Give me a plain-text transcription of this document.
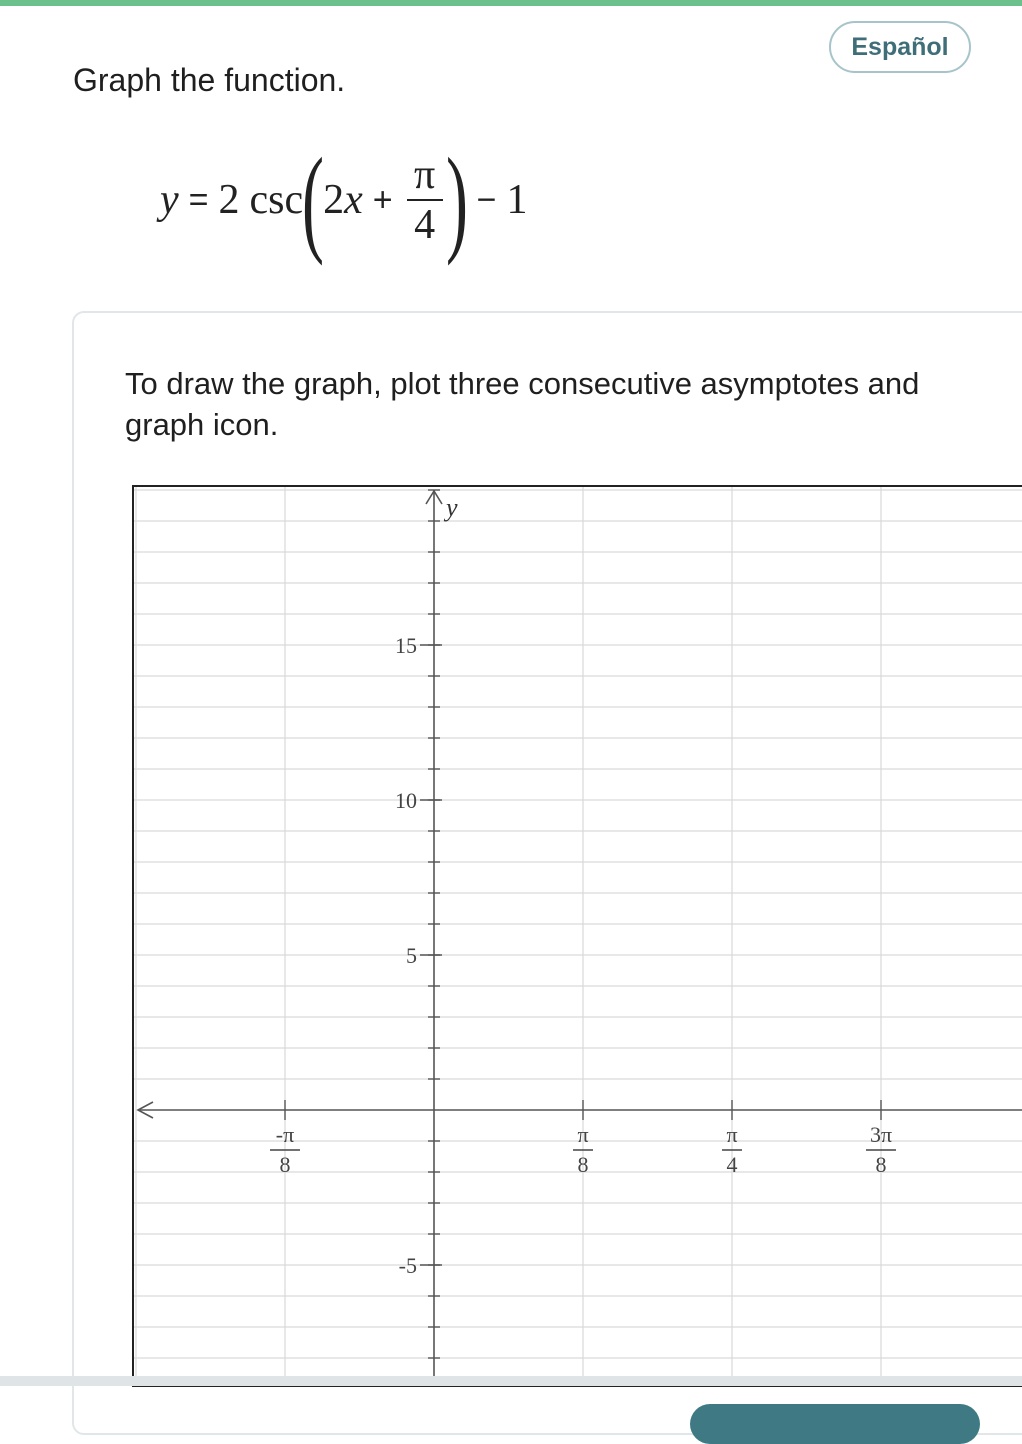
Español
Graph the function.
y = 2 csc
(
2 $x + \frac{\pi}{4}$ ) − 1

To draw the graph, plot three consecutive asymptotes and
graph icon.

y
15
10
5
-5
-π
8
π
8
π
4
3π
8
